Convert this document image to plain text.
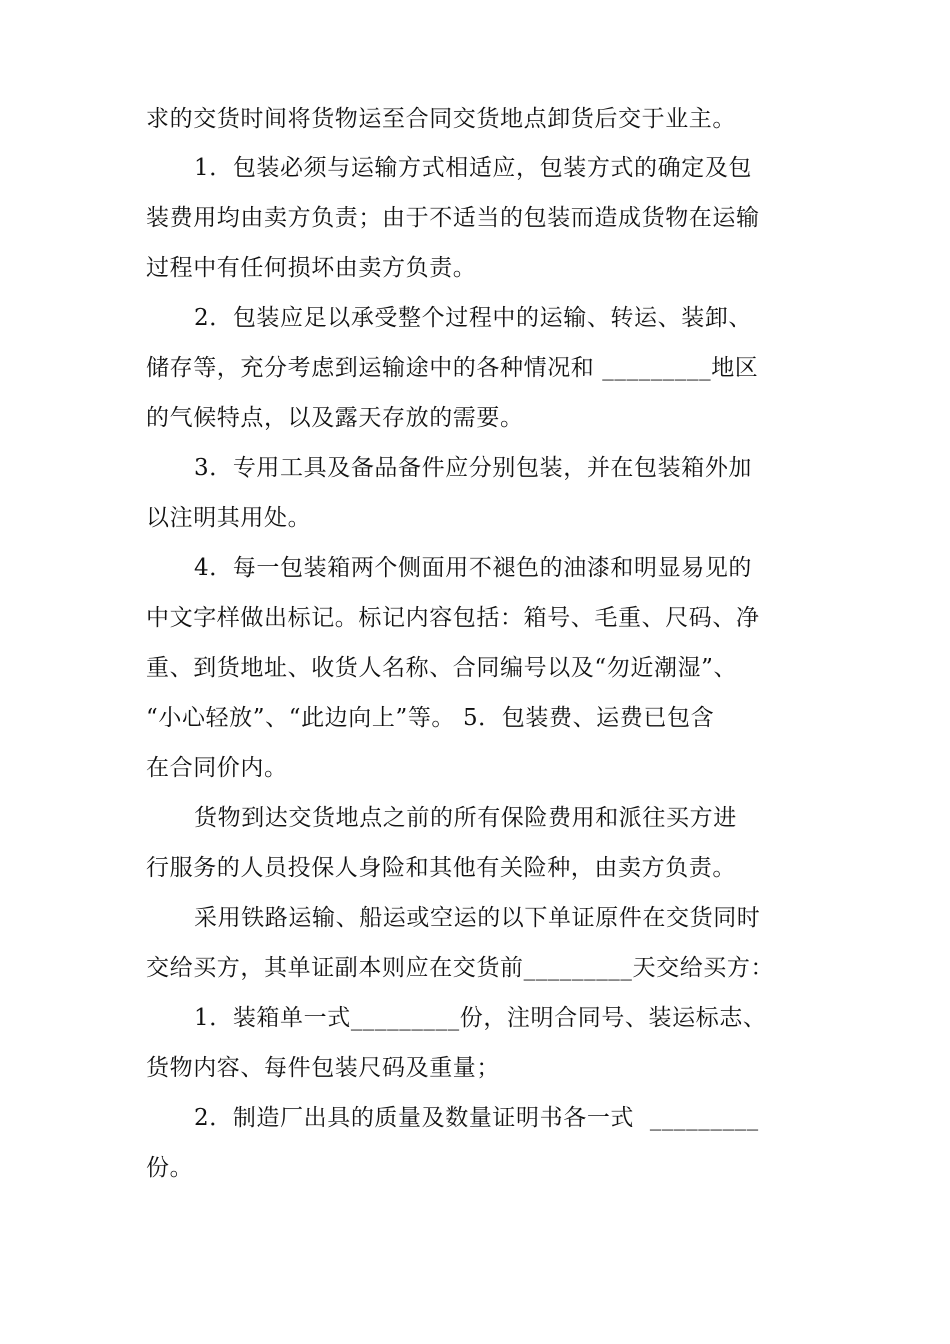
求的交货时间将货物运至合同交货地点卸货后交于业主。
1．包装必须与运输方式相适应，包装方式的确定及包
装费用均由卖方负责；由于不适当的包装而造成货物在运输
过程中有任何损坏由卖方负责。
2．包装应足以承受整个过程中的运输、转运、装卸、
储存等，充分考虑到运输途中的各种情况和 _________地区
的气候特点，以及露天存放的需要。
3．专用工具及备品备件应分别包装，并在包装箱外加
以注明其用处。
4．每一包装箱两个侧面用不褪色的油漆和明显易见的
中文字样做出标记。标记内容包括：箱号、毛重、尺码、净
重、到货地址、收货人名称、合同编号以及“勿近潮湿”、
“小心轻放”、“此边向上”等。 5．包装费、运费已包含
在合同价内。
货物到达交货地点之前的所有保险费用和派往买方进
行服务的人员投保人身险和其他有关险种，由卖方负责。
采用铁路运输、船运或空运的以下单证原件在交货同时
交给买方，其单证副本则应在交货前_________天交给买方：
1．装箱单一式_________份，注明合同号、装运标志、
货物内容、每件包装尺码及重量；
2．制造厂出具的质量及数量证明书各一式  _________
份。
